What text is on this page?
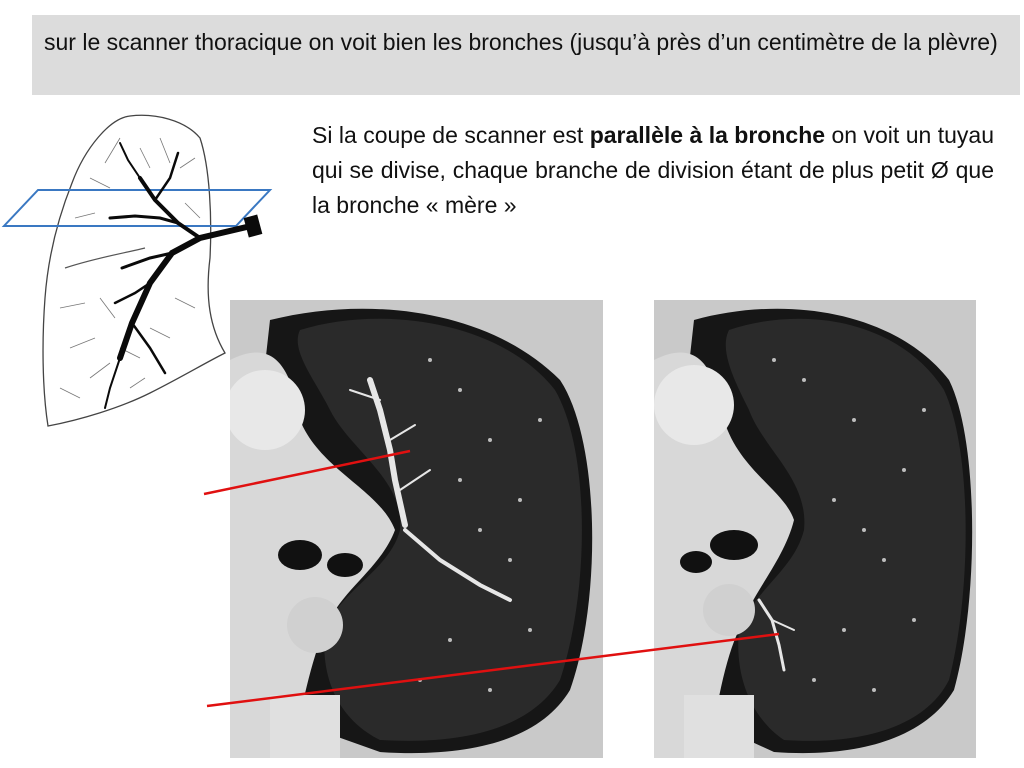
sur le scanner thoracique on voit bien les bronches (jusqu’à près d’un centimètre de la plèvre)
Si la coupe de scanner est parallèle à la bronche on voit un tuyau qui se divise, chaque branche de division étant de plus petit Ø que la bronche « mère »
